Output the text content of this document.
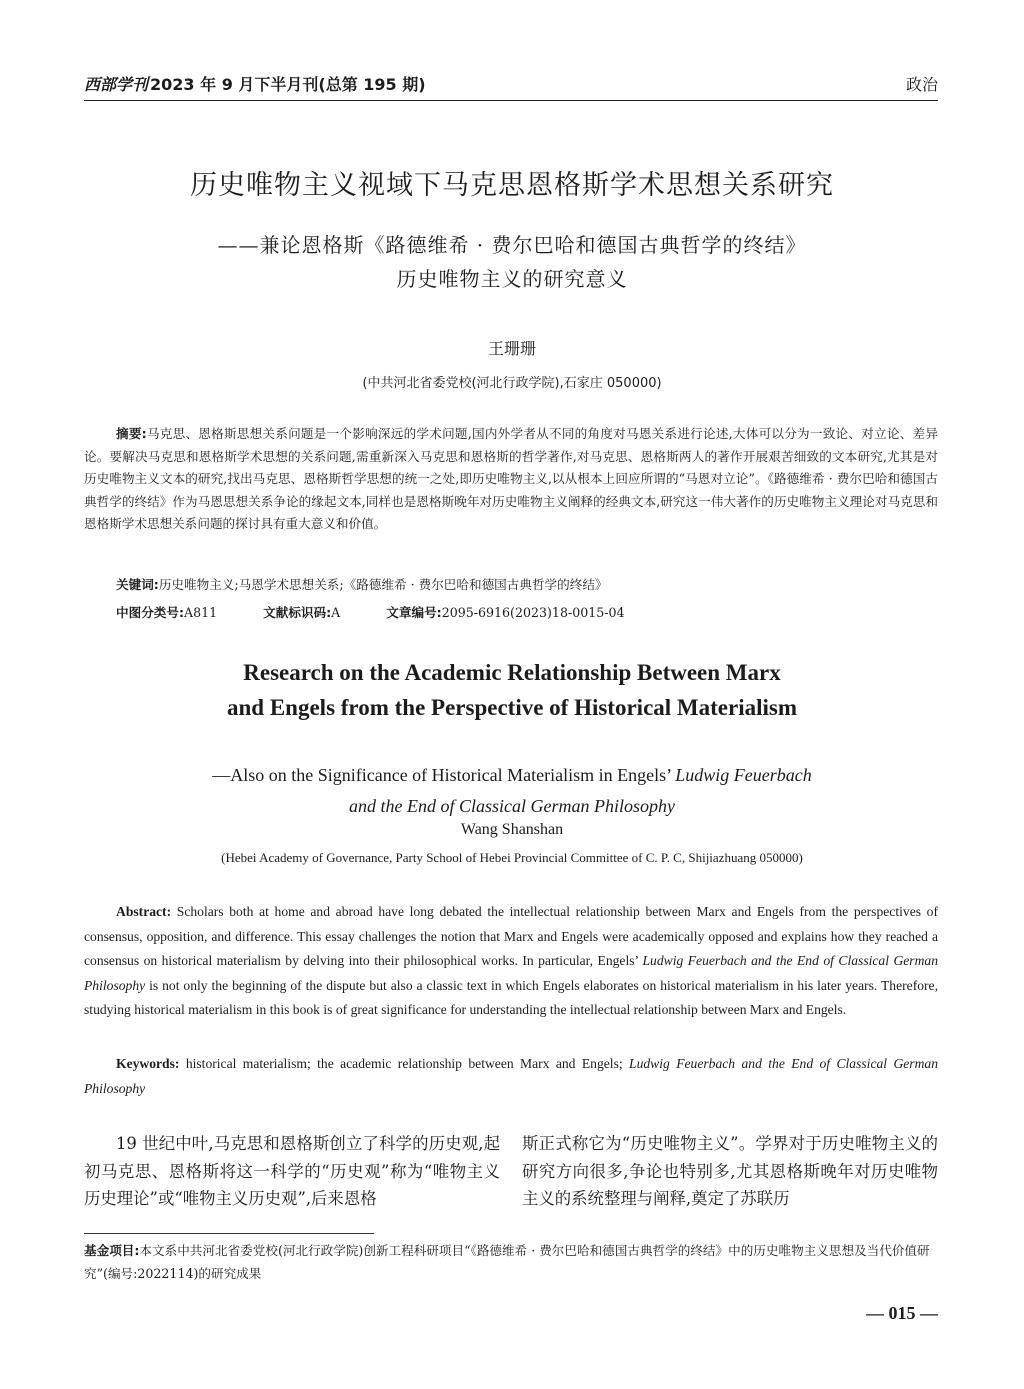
西部学刊 2023 年 9 月下半月刊(总第 195 期)	政治
历史唯物主义视域下马克思恩格斯学术思想关系研究
——兼论恩格斯《路德维希 · 费尔巴哈和德国古典哲学的终结》
历史唯物主义的研究意义
王珊珊
(中共河北省委党校(河北行政学院),石家庄 050000)
摘要:马克思、恩格斯思想关系问题是一个影响深远的学术问题,国内外学者从不同的角度对马恩关系进行论述,大体可以分为一致论、对立论、差异论。要解决马克思和恩格斯学术思想的关系问题,需重新深入马克思和恩格斯的哲学著作,对马克思、恩格斯两人的著作开展艰苦细致的文本研究,尤其是对历史唯物主义文本的研究,找出马克思、恩格斯哲学思想的统一之处,即历史唯物主义,以从根本上回应所谓的“马恩对立论”。《路德维希 · 费尔巴哈和德国古典哲学的终结》作为马恩思想关系争论的缘起文本,同样也是恩格斯晚年对历史唯物主义阐释的经典文本,研究这一伟大著作的历史唯物主义理论对马克思和恩格斯学术思想关系问题的探讨具有重大意义和价值。
关键词:历史唯物主义;马恩学术思想关系;《路德维希 · 费尔巴哈和德国古典哲学的终结》
中图分类号:A811	文献标识码:A	文章编号:2095-6916(2023)18-0015-04
Research on the Academic Relationship Between Marx
and Engels from the Perspective of Historical Materialism
—Also on the Significance of Historical Materialism in Engels’ Ludwig Feuerbach
and the End of Classical German Philosophy
Wang Shanshan
(Hebei Academy of Governance, Party School of Hebei Provincial Committee of C. P. C, Shijiazhuang 050000)
Abstract: Scholars both at home and abroad have long debated the intellectual relationship between Marx and Engels from the perspectives of consensus, opposition, and difference. This essay challenges the notion that Marx and Engels were academically opposed and explains how they reached a consensus on historical materialism by delving into their philosophical works. In particular, Engels’ Ludwig Feuerbach and the End of Classical German Philosophy is not only the beginning of the dispute but also a classic text in which Engels elaborates on historical materialism in his later years. Therefore, studying historical materialism in this book is of great significance for understanding the intellectual relationship between Marx and Engels.
Keywords: historical materialism; the academic relationship between Marx and Engels; Ludwig Feuerbach and the End of Classical German Philosophy
19 世纪中叶,马克思和恩格斯创立了科学的历史观,起初马克思、恩格斯将这一科学的“历史观”称为“唯物主义历史理论”或“唯物主义历史观”,后来恩格
斯正式称它为“历史唯物主义”。学界对于历史唯物主义的研究方向很多,争论也特别多,尤其恩格斯晚年对历史唯物主义的系统整理与阐释,奠定了苏联历
基金项目:本文系中共河北省委党校(河北行政学院)创新工程科研项目“《路德维希 · 费尔巴哈和德国古典哲学的终结》中的历史唯物主义思想及当代价值研究”(编号:2022114)的研究成果
— 015 —
